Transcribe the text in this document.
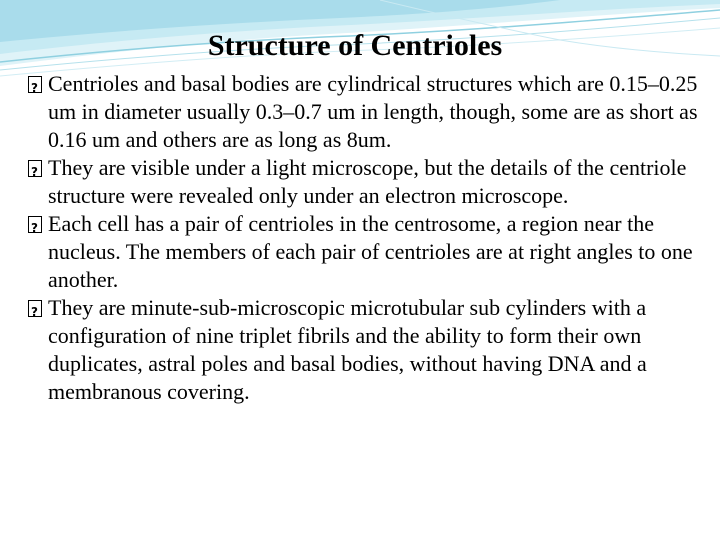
Structure of Centrioles
?
Centrioles and basal bodies are cylindrical structures which are 0.15–0.25 um in diameter usually 0.3–0.7 um in length, though, some are as short as 0.16 um and others are as long as 8um.
?
They are visible under a light microscope, but the details of the centriole structure were revealed only under an electron microscope.
?
Each cell has a pair of centrioles in the centrosome, a region near the nucleus. The members of each pair of centrioles are at right angles to one another.
?
They are minute-sub-microscopic microtubular sub cylinders with a configuration of nine triplet fibrils and the ability to form their own duplicates, astral poles and basal bodies, without having DNA and a membranous covering.
